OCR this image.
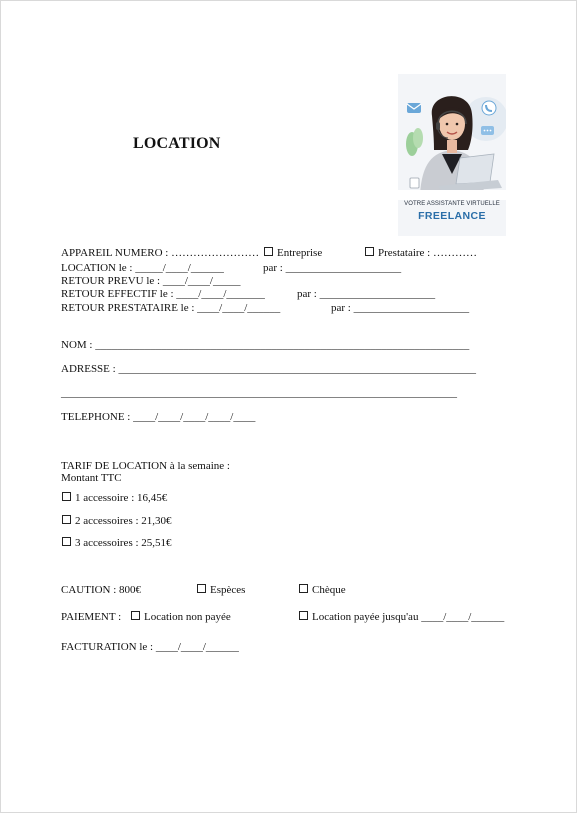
LOCATION
VOTRE ASSISTANTE VIRTUELLE
FREELANCE
APPAREIL NUMERO : ……………………	Entreprise	Prestataire : …………
LOCATION le : _____/____/______	par : _____________________
RETOUR PREVU le : ____/____/_____
RETOUR EFFECTIF le : ____/____/_______	par : _____________________
RETOUR PRESTATAIRE le : ____/____/______	par : _____________________
NOM : ____________________________________________________________________
ADRESSE : _________________________________________________________________
________________________________________________________________________
TELEPHONE : ____/____/____/____/____
TARIF DE LOCATION à la semaine :
Montant TTC
1 accessoire : 16,45€
2 accessoires : 21,30€
3 accessoires : 25,51€
CAUTION : 800€	Espèces	Chèque
PAIEMENT :	Location non payée	Location payée jusqu'au ____/____/______
FACTURATION le : ____/____/______
